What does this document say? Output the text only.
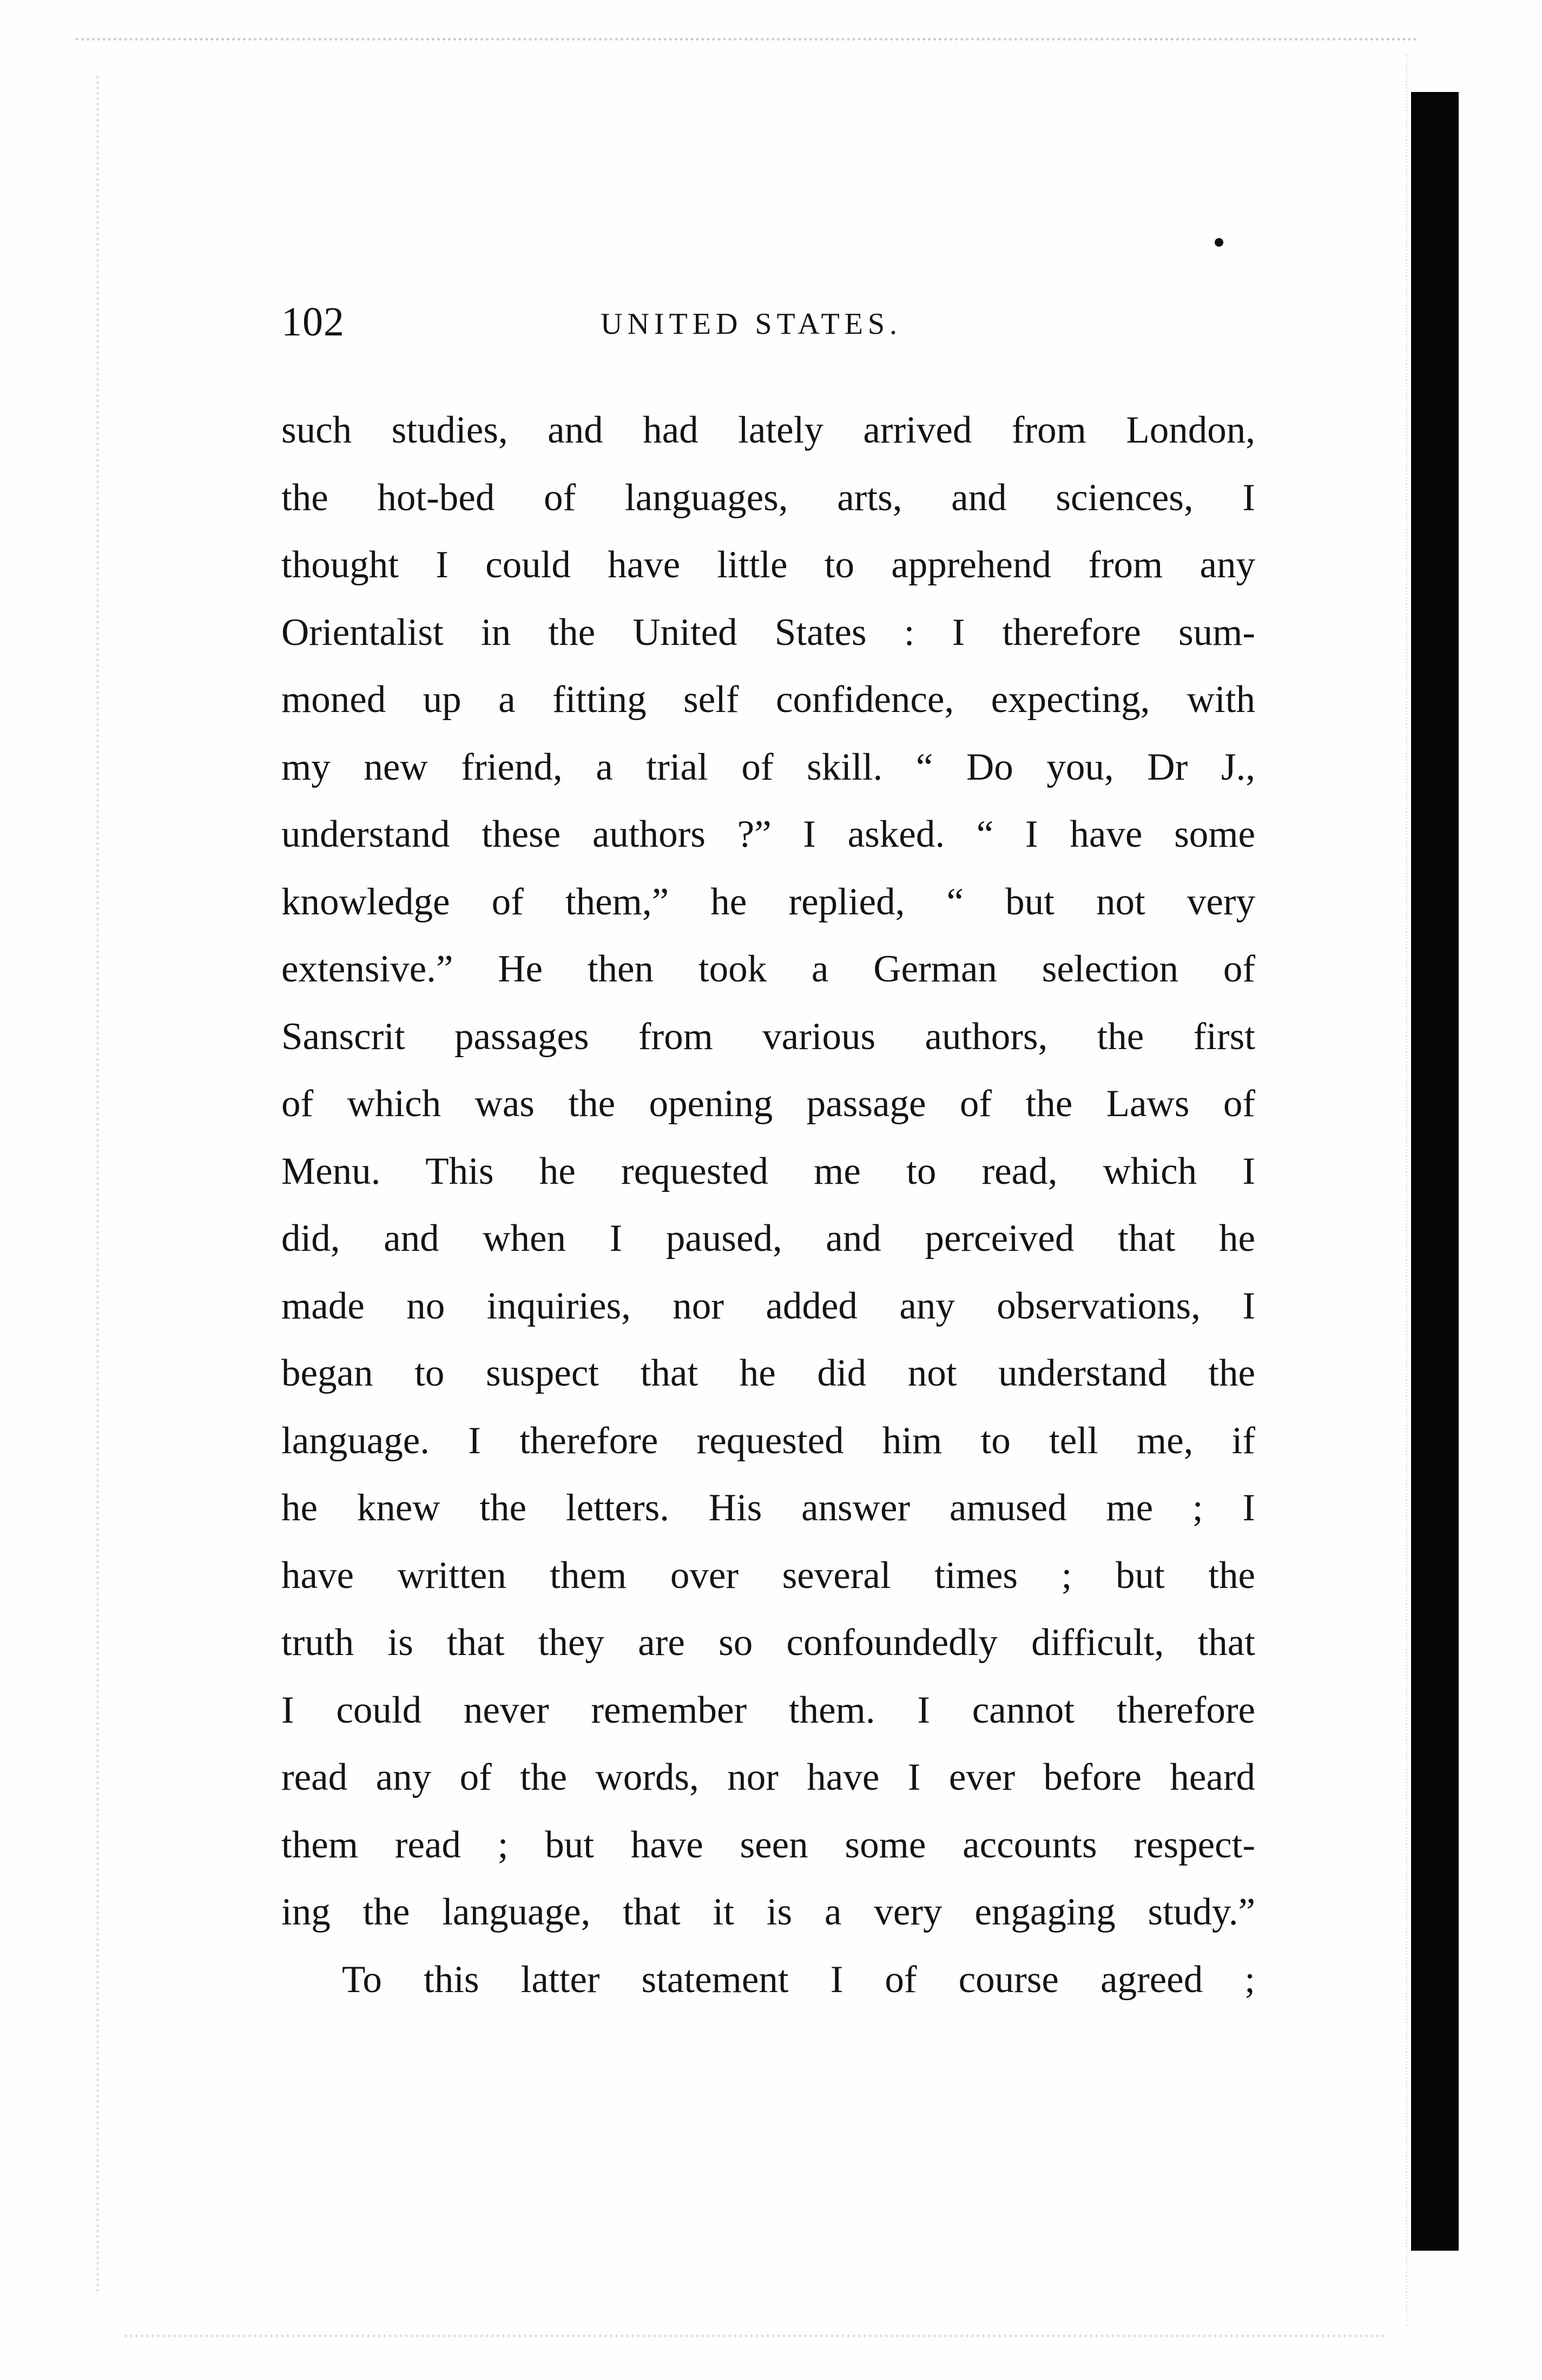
102	UNITED STATES.
such studies, and had lately arrived from London,
the hot-bed of languages, arts, and sciences, I
thought I could have little to apprehend from any
Orientalist in the United States : I therefore sum-
moned up a fitting self confidence, expecting, with
my new friend, a trial of skill. “ Do you, Dr J.,
understand these authors ?” I asked. “ I have some
knowledge of them,” he replied, “ but not very
extensive.” He then took a German selection of
Sanscrit passages from various authors, the first
of which was the opening passage of the Laws of
Menu. This he requested me to read, which I
did, and when I paused, and perceived that he
made no inquiries, nor added any observations, I
began to suspect that he did not understand the
language. I therefore requested him to tell me, if
he knew the letters. His answer amused me ; I
have written them over several times ; but the
truth is that they are so confoundedly difficult, that
I could never remember them. I cannot therefore
read any of the words, nor have I ever before heard
them read ; but have seen some accounts respect-
ing the language, that it is a very engaging study.”
To this latter statement I of course agreed ;
